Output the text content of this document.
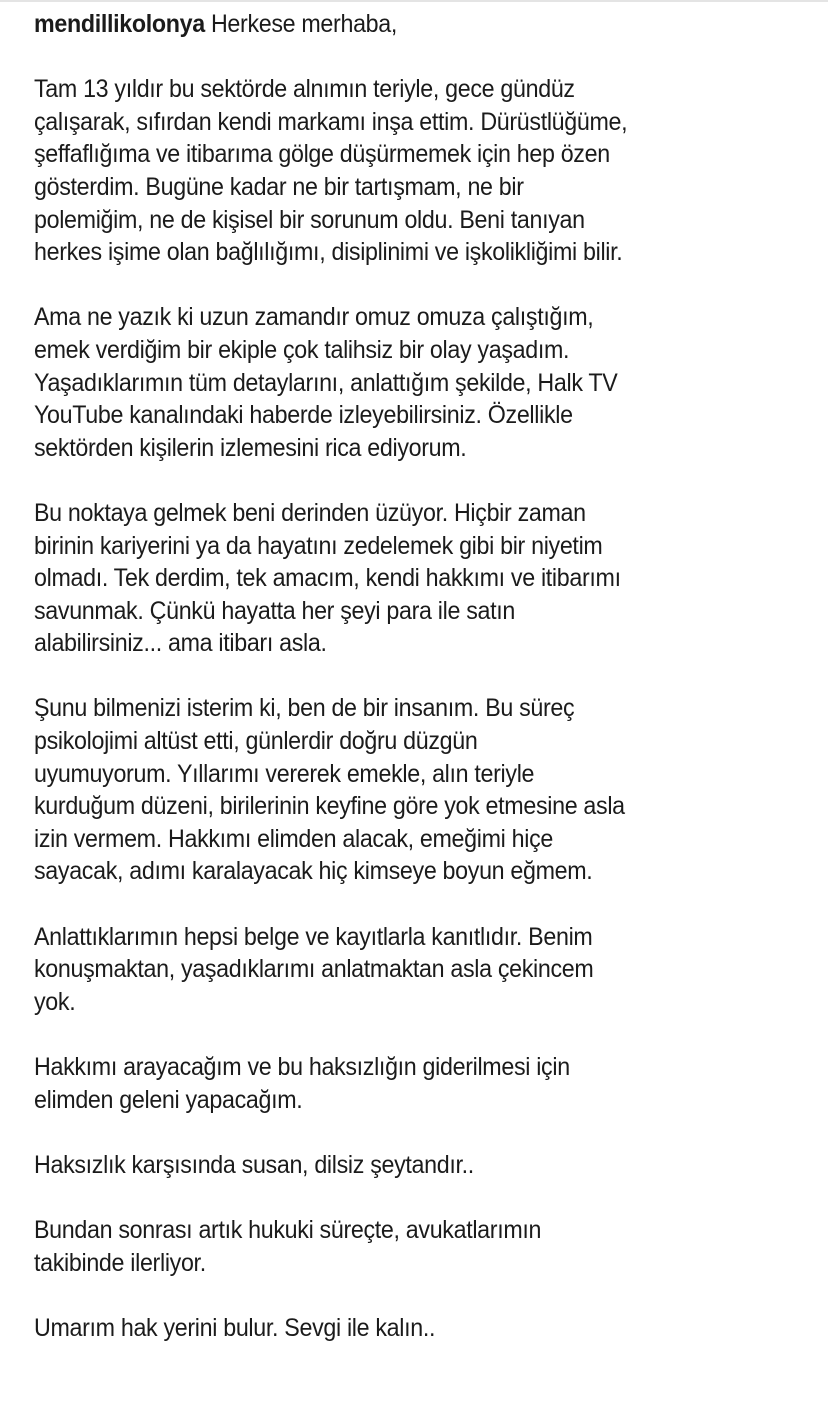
mendillikolonya Herkese merhaba,
Tam 13 yıldır bu sektörde alnımın teriyle, gece gündüz
çalışarak, sıfırdan kendi markamı inşa ettim. Dürüstlüğüme,
şeffaflığıma ve itibarıma gölge düşürmemek için hep özen
gösterdim. Bugüne kadar ne bir tartışmam, ne bir
polemiğim, ne de kişisel bir sorunum oldu. Beni tanıyan
herkes işime olan bağlılığımı, disiplinimi ve işkolikliğimi bilir.
Ama ne yazık ki uzun zamandır omuz omuza çalıştığım,
emek verdiğim bir ekiple çok talihsiz bir olay yaşadım.
Yaşadıklarımın tüm detaylarını, anlattığım şekilde, Halk TV
YouTube kanalındaki haberde izleyebilirsiniz. Özellikle
sektörden kişilerin izlemesini rica ediyorum.
Bu noktaya gelmek beni derinden üzüyor. Hiçbir zaman
birinin kariyerini ya da hayatını zedelemek gibi bir niyetim
olmadı. Tek derdim, tek amacım, kendi hakkımı ve itibarımı
savunmak. Çünkü hayatta her şeyi para ile satın
alabilirsiniz... ama itibarı asla.
Şunu bilmenizi isterim ki, ben de bir insanım. Bu süreç
psikolojimi altüst etti, günlerdir doğru düzgün
uyumuyorum. Yıllarımı vererek emekle, alın teriyle
kurduğum düzeni, birilerinin keyfine göre yok etmesine asla
izin vermem. Hakkımı elimden alacak, emeğimi hiçe
sayacak, adımı karalayacak hiç kimseye boyun eğmem.
Anlattıklarımın hepsi belge ve kayıtlarla kanıtlıdır. Benim
konuşmaktan, yaşadıklarımı anlatmaktan asla çekincem
yok.
Hakkımı arayacağım ve bu haksızlığın giderilmesi için
elimden geleni yapacağım.
Haksızlık karşısında susan, dilsiz şeytandır..
Bundan sonrası artık hukuki süreçte, avukatlarımın
takibinde ilerliyor.
Umarım hak yerini bulur. Sevgi ile kalın..
